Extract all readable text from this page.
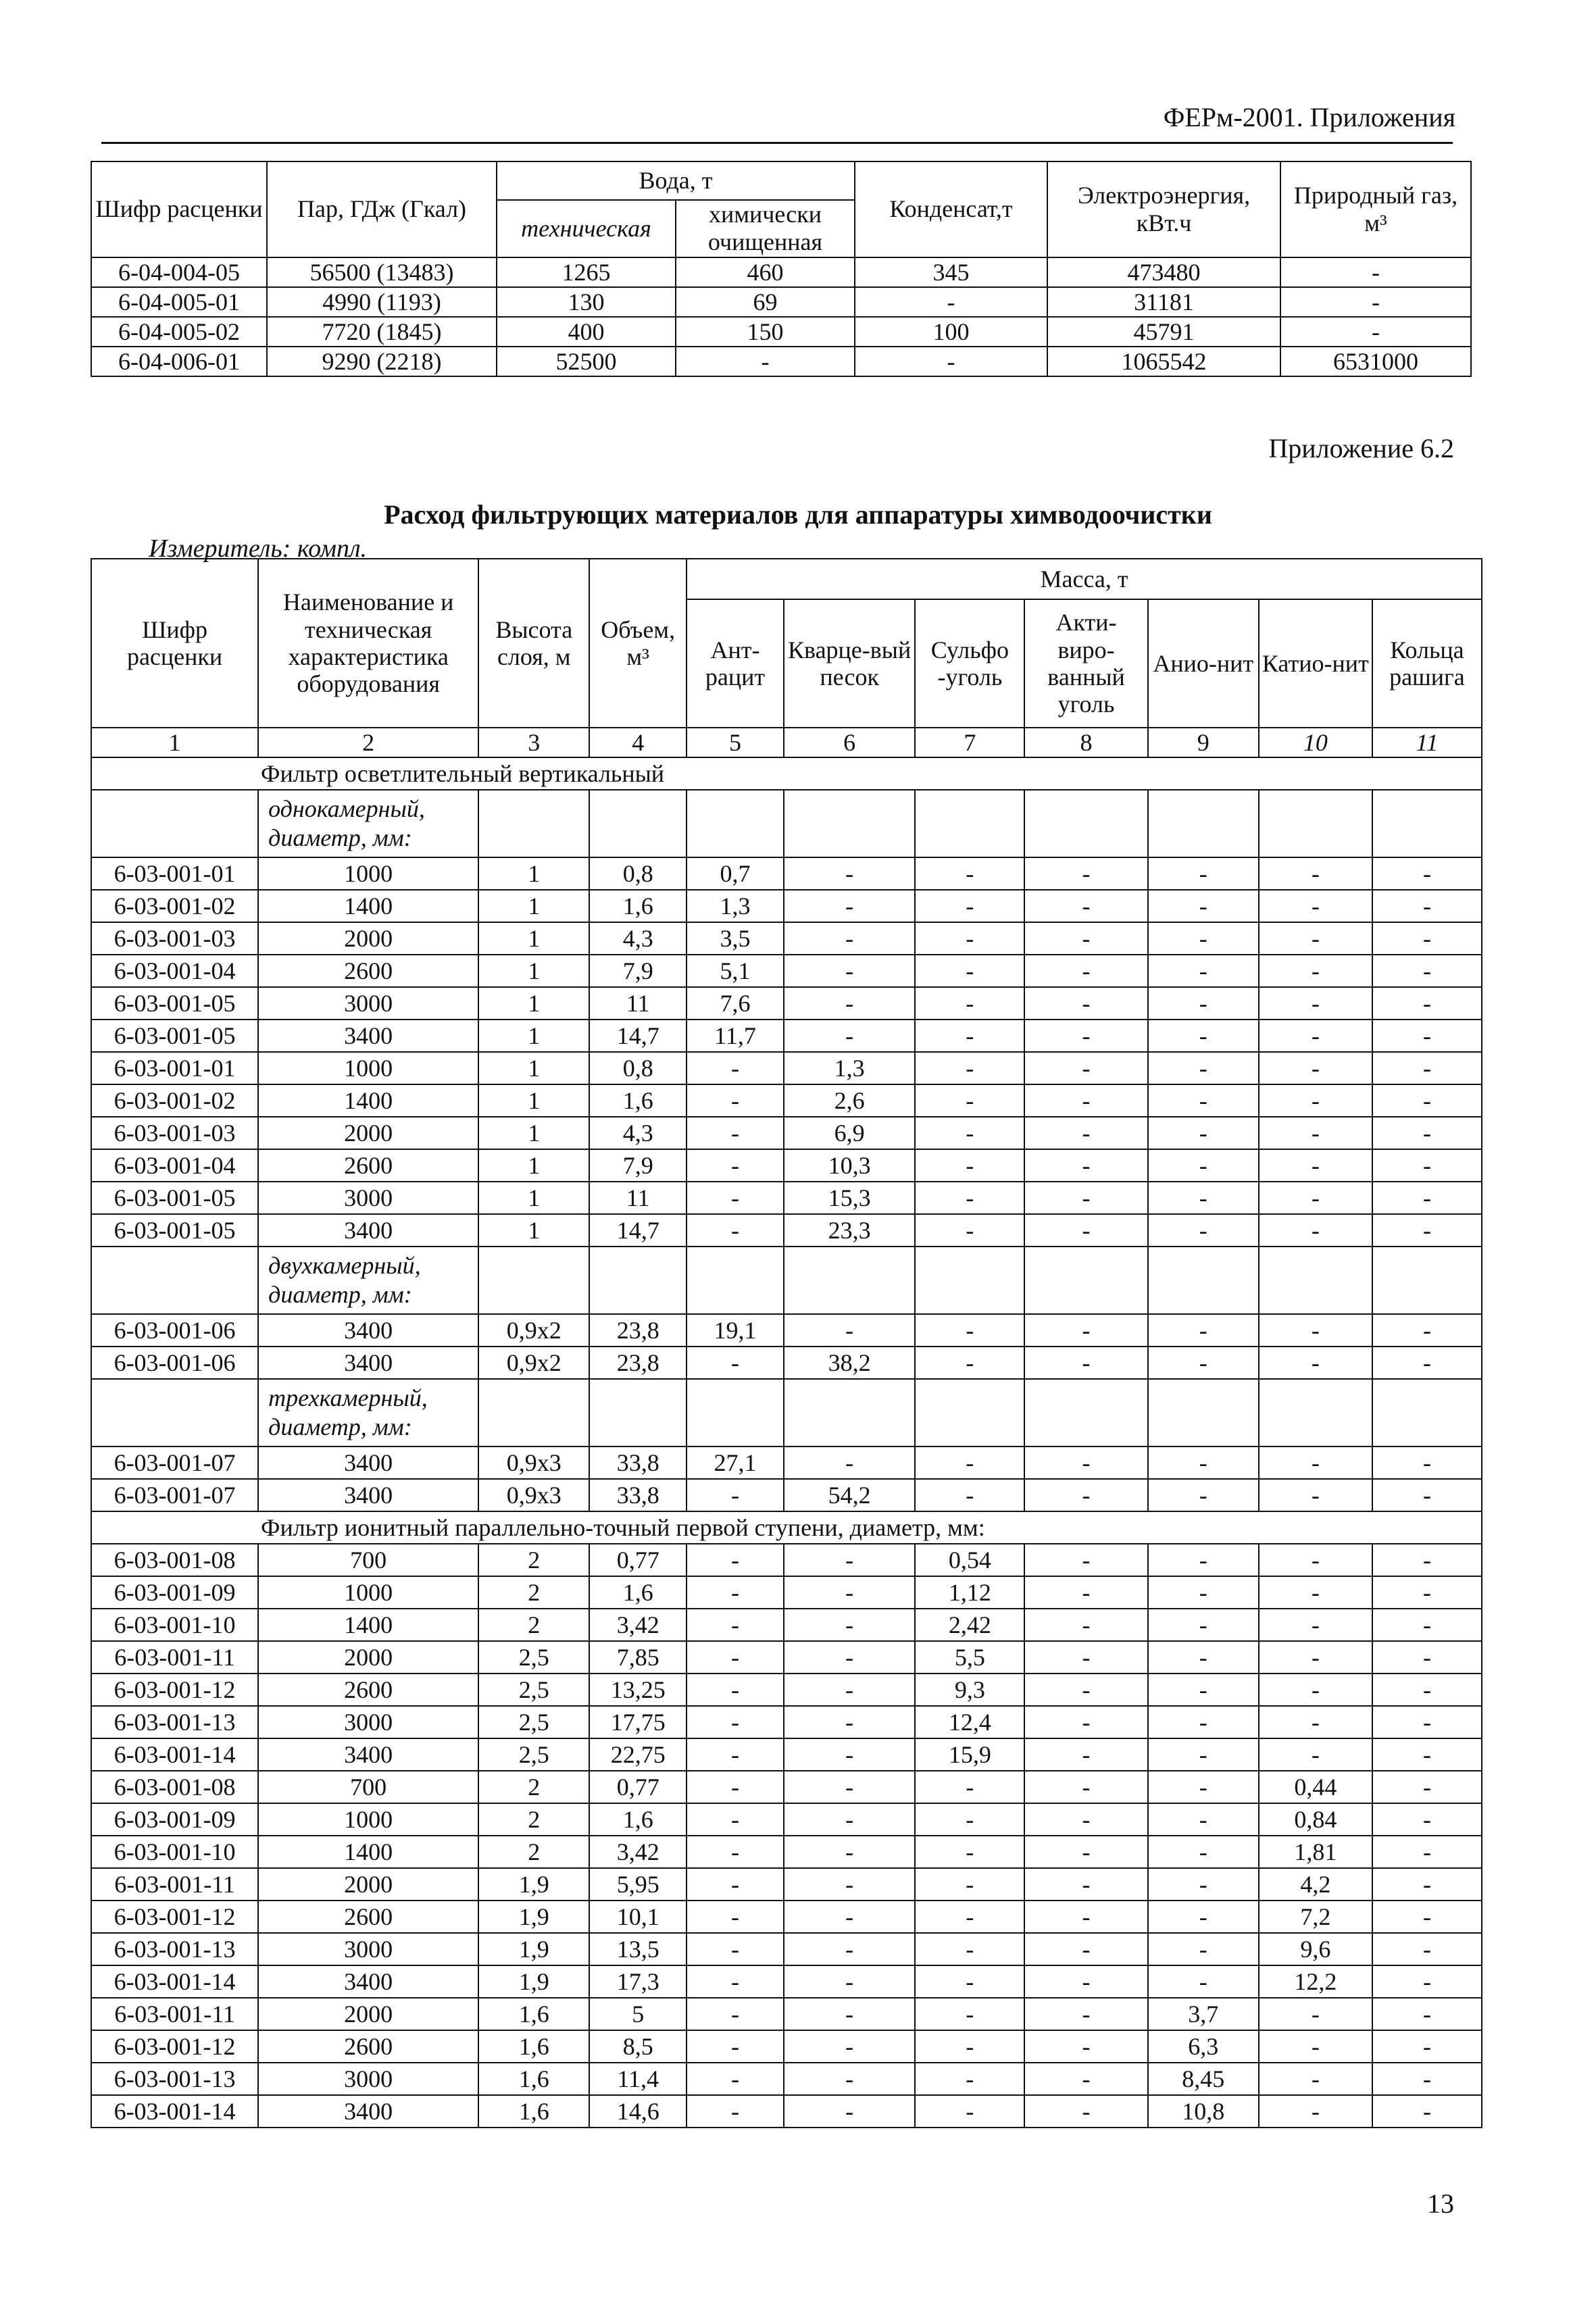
ФЕРм-2001. Приложения
Шифр расценки	Пар, ГДж (Гкал)	Вода, т		Конденсат,т	Электроэнергия, кВт.ч	Природный газ, м³
		техническая	химически очищенная			
6-04-004-05	56500 (13483)	1265	460	345	473480	-
6-04-005-01	4990 (1193)	130	69	-	31181	-
6-04-005-02	7720 (1845)	400	150	100	45791	-
6-04-006-01	9290 (2218)	52500	-	-	1065542	6531000
Приложение 6.2
Расход фильтрующих материалов для аппаратуры химводоочистки
Измеритель: компл.
Шифр расценки	Наименование и техническая характеристика оборудования	Высота слоя, м	Объем, м³	Масса, т						
				Ант-рацит	Кварце-вый песок	Сульфо -уголь	Акти-виро-ванный уголь	Анио-нит	Катио-нит	Кольца рашига
1	2	3	4	5	6	7	8	9	10	11
Фильтр осветлительный вертикальный										
	однокамерный, диаметр, мм:									
6-03-001-01	1000	1	0,8	0,7	-	-	-	-	-	-
6-03-001-02	1400	1	1,6	1,3	-	-	-	-	-	-
6-03-001-03	2000	1	4,3	3,5	-	-	-	-	-	-
6-03-001-04	2600	1	7,9	5,1	-	-	-	-	-	-
6-03-001-05	3000	1	11	7,6	-	-	-	-	-	-
6-03-001-05	3400	1	14,7	11,7	-	-	-	-	-	-
6-03-001-01	1000	1	0,8	-	1,3	-	-	-	-	-
6-03-001-02	1400	1	1,6	-	2,6	-	-	-	-	-
6-03-001-03	2000	1	4,3	-	6,9	-	-	-	-	-
6-03-001-04	2600	1	7,9	-	10,3	-	-	-	-	-
6-03-001-05	3000	1	11	-	15,3	-	-	-	-	-
6-03-001-05	3400	1	14,7	-	23,3	-	-	-	-	-
	двухкамерный, диаметр, мм:									
6-03-001-06	3400	0,9x2	23,8	19,1	-	-	-	-	-	-
6-03-001-06	3400	0,9x2	23,8	-	38,2	-	-	-	-	-
	трехкамерный, диаметр, мм:									
6-03-001-07	3400	0,9x3	33,8	27,1	-	-	-	-	-	-
6-03-001-07	3400	0,9x3	33,8	-	54,2	-	-	-	-	-
Фильтр ионитный параллельно-точный первой ступени, диаметр, мм:										
6-03-001-08	700	2	0,77	-	-	0,54	-	-	-	-
6-03-001-09	1000	2	1,6	-	-	1,12	-	-	-	-
6-03-001-10	1400	2	3,42	-	-	2,42	-	-	-	-
6-03-001-11	2000	2,5	7,85	-	-	5,5	-	-	-	-
6-03-001-12	2600	2,5	13,25	-	-	9,3	-	-	-	-
6-03-001-13	3000	2,5	17,75	-	-	12,4	-	-	-	-
6-03-001-14	3400	2,5	22,75	-	-	15,9	-	-	-	-
6-03-001-08	700	2	0,77	-	-	-	-	-	0,44	-
6-03-001-09	1000	2	1,6	-	-	-	-	-	0,84	-
6-03-001-10	1400	2	3,42	-	-	-	-	-	1,81	-
6-03-001-11	2000	1,9	5,95	-	-	-	-	-	4,2	-
6-03-001-12	2600	1,9	10,1	-	-	-	-	-	7,2	-
6-03-001-13	3000	1,9	13,5	-	-	-	-	-	9,6	-
6-03-001-14	3400	1,9	17,3	-	-	-	-	-	12,2	-
6-03-001-11	2000	1,6	5	-	-	-	-	3,7	-	-
6-03-001-12	2600	1,6	8,5	-	-	-	-	6,3	-	-
6-03-001-13	3000	1,6	11,4	-	-	-	-	8,45	-	-
6-03-001-14	3400	1,6	14,6	-	-	-	-	10,8	-	-
13
